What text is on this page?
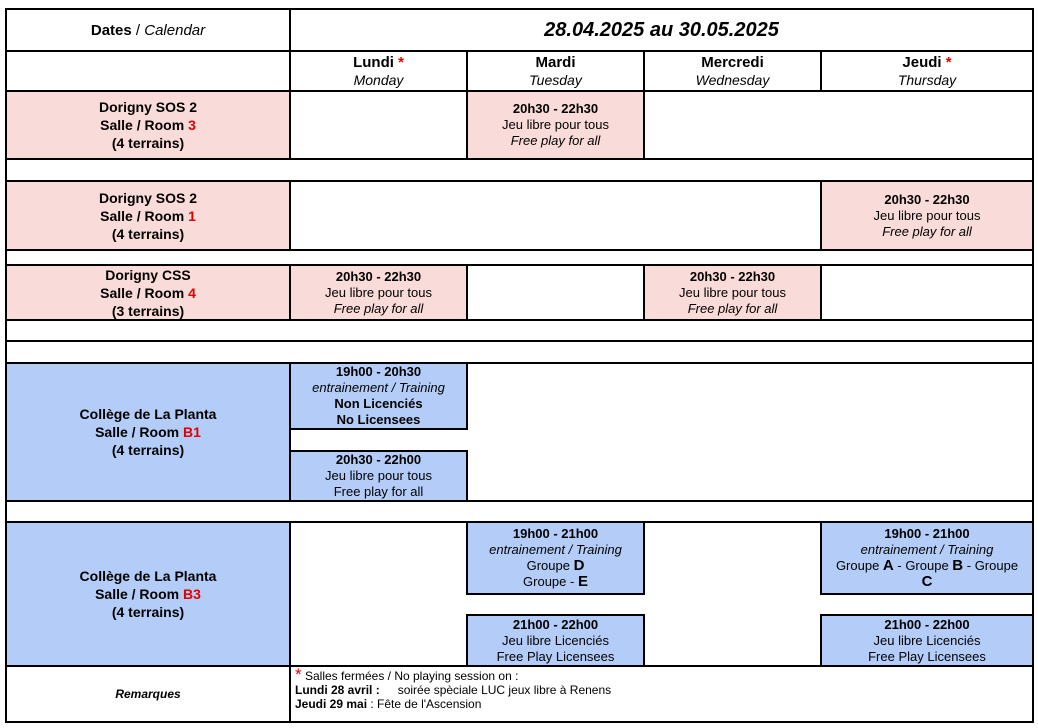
Dates / Calendar	28.04.2025 au 30.05.2025
Lundi *
Monday
Mardi
Tuesday
Mercredi
Wednesday
Jeudi *
Thursday
Dorigny SOS 2
Salle / Room 3
(4 terrains)
20h30 - 22h30
Jeu libre pour tous
Free play for all
Dorigny SOS 2
Salle / Room 1
(4 terrains)
20h30 - 22h30
Jeu libre pour tous
Free play for all
Dorigny CSS
Salle / Room 4
(3 terrains)
20h30 - 22h30
Jeu libre pour tous
Free play for all
20h30 - 22h30
Jeu libre pour tous
Free play for all
Collège de La Planta
Salle / Room B1
(4 terrains)
19h00 - 20h30
entrainement / Training
Non Licenciés
No Licensees
20h30 - 22h00
Jeu libre pour tous
Free play for all
Collège de La Planta
Salle / Room B3
(4 terrains)
19h00 - 21h00
entrainement / Training
Groupe D
Groupe - E
21h00 - 22h00
Jeu libre Licenciés
Free Play Licensees
19h00 - 21h00
entrainement / Training
Groupe A - Groupe B - Groupe
C
21h00 - 22h00
Jeu libre Licenciés
Free Play Licensees
Remarques
* Salles fermées / No playing session on :
Lundi 28 avril : soirée spèciale LUC jeux libre à Renens
Jeudi 29 mai : Fête de l'Ascension
